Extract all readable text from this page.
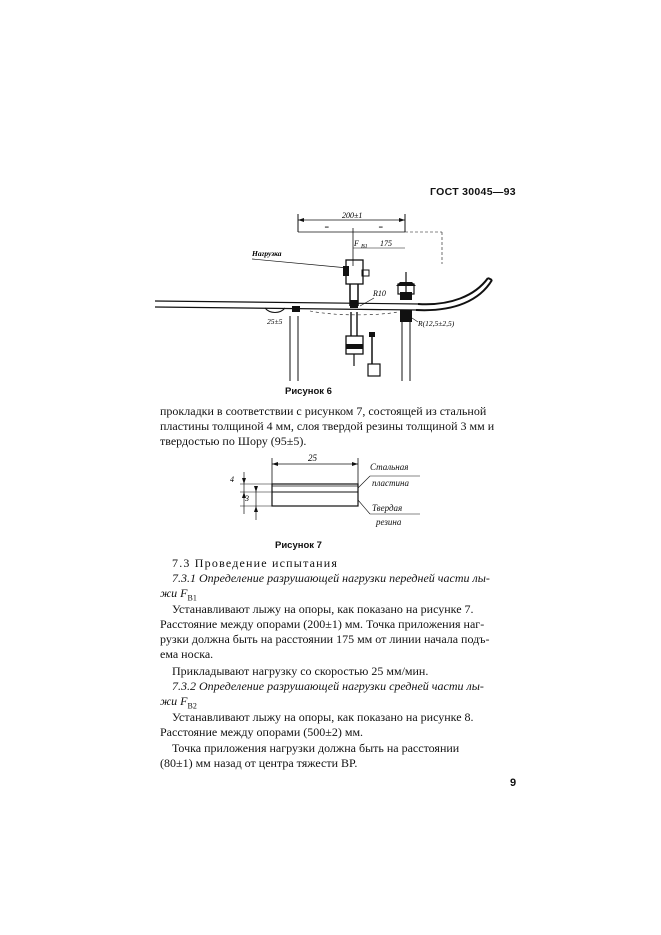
ГОСТ 30045—93
200±1
=	=
F B1 175
Нагрузка
R10
25±5	R(12,5±2,5)
Рисунок 6
прокладки в соответствии с рисунком 7, состоящей из стальной
пластины толщиной 4 мм, слоя твердой резины толщиной 3 мм и
твердостью по Шору (95±5).
25
4
3
Стальная
пластина
Твердая
резина
Рисунок 7
7.3 Проведение испытания
7.3.1 Определение разрушающей нагрузки передней части лы-
жи $F_{B1}$
Устанавливают лыжу на опоры, как показано на рисунке 7.
Расстояние между опорами (200±1) мм. Точка приложения наг-
рузки должна быть на расстоянии 175 мм от линии начала подъ-
ема носка.
Прикладывают нагрузку со скоростью 25 мм/мин.
7.3.2 Определение разрушающей нагрузки средней части лы-
жи $F_{B2}$
Устанавливают лыжу на опоры, как показано на рисунке 8.
Расстояние между опорами (500±2) мм.
Точка приложения нагрузки должна быть на расстоянии
(80±1) мм назад от центра тяжести BP.
9
